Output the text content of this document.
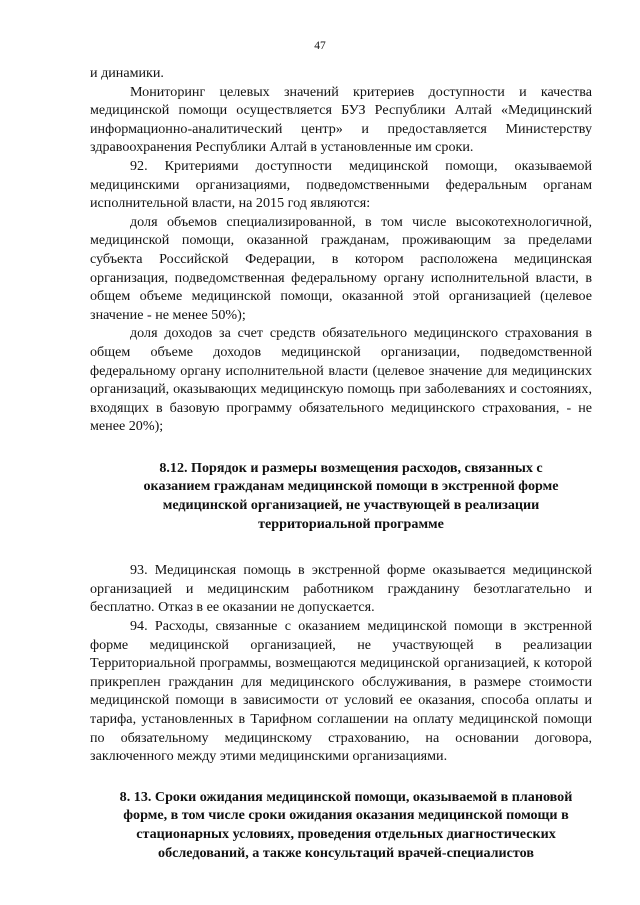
47

и динамики.

Мониторинг целевых значений критериев доступности и качества медицинской помощи осуществляется БУЗ Республики Алтай «Медицинский информационно-аналитический центр» и предоставляется Министерству здравоохранения Республики Алтай в установленные им сроки.

92. Критериями доступности медицинской помощи, оказываемой медицинскими организациями, подведомственными федеральным органам исполнительной власти, на 2015 год являются:

доля объемов специализированной, в том числе высокотехнологичной, медицинской помощи, оказанной гражданам, проживающим за пределами субъекта Российской Федерации, в котором расположена медицинская организация, подведомственная федеральному органу исполнительной власти, в общем объеме медицинской помощи, оказанной этой организацией (целевое значение - не менее 50%);

доля доходов за счет средств обязательного медицинского страхования в общем объеме доходов медицинской организации, подведомственной федеральному органу исполнительной власти (целевое значение для медицинских организаций, оказывающих медицинскую помощь при заболеваниях и состояниях, входящих в базовую программу обязательного медицинского страхования, - не менее 20%);

8.12. Порядок и размеры возмещения расходов, связанных с оказанием гражданам медицинской помощи в экстренной форме медицинской организацией, не участвующей в реализации территориальной программе

93. Медицинская помощь в экстренной форме оказывается медицинской организацией и медицинским работником гражданину безотлагательно и бесплатно. Отказ в ее оказании не допускается.

94. Расходы, связанные с оказанием медицинской помощи в экстренной форме медицинской организацией, не участвующей в реализации Территориальной программы, возмещаются медицинской организацией, к которой прикреплен гражданин для медицинского обслуживания, в размере стоимости медицинской помощи в зависимости от условий ее оказания, способа оплаты и тарифа, установленных в Тарифном соглашении на оплату медицинской помощи по обязательному медицинскому страхованию, на основании договора, заключенного между этими медицинскими организациями.

8. 13. Сроки ожидания медицинской помощи, оказываемой в плановой форме, в том числе сроки ожидания оказания медицинской помощи в стационарных условиях, проведения отдельных диагностических обследований, а также консультаций врачей-специалистов
